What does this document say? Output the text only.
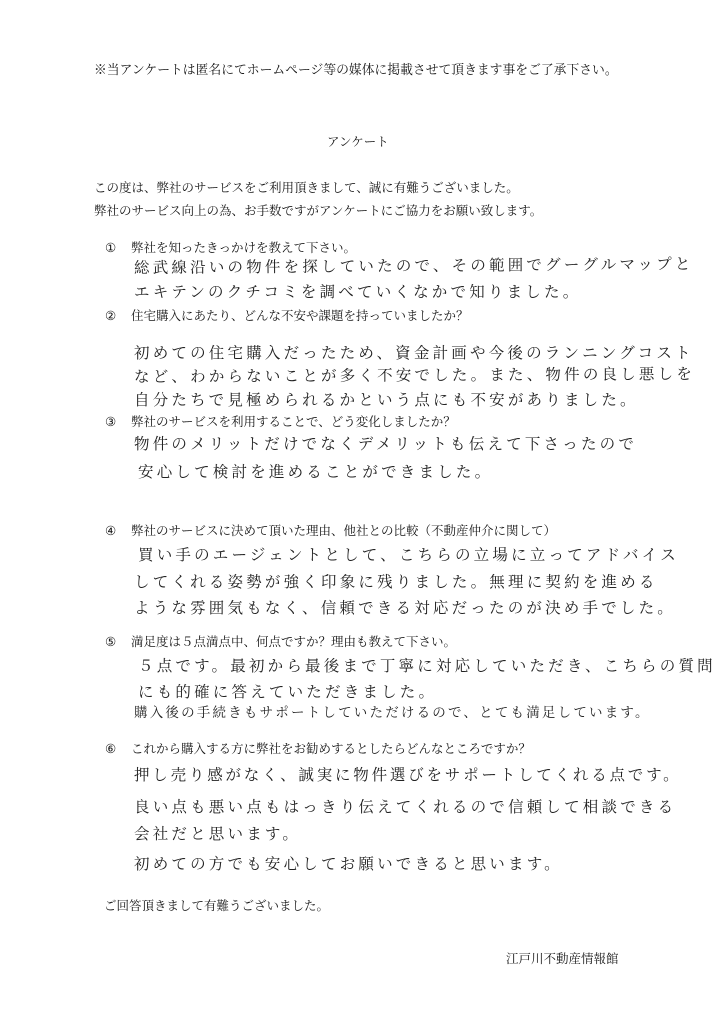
※当アンケートは匿名にてホームページ等の媒体に掲載させて頂きます事をご了承下さい。
アンケート
この度は、弊社のサービスをご利用頂きまして、誠に有難うございました。
弊社のサービス向上の為、お手数ですがアンケートにご協力をお願い致します。
① 弊社を知ったきっかけを教えて下さい。
総武線沿いの物件を探していたので、その範囲でグーグルマップと
エキテンのクチコミを調べていくなかで知りました。
② 住宅購入にあたり、どんな不安や課題を持っていましたか？
初めての住宅購入だったため、資金計画や今後のランニングコスト
など、わからないことが多く不安でした。また、物件の良し悪しを
自分たちで見極められるかという点にも不安がありました。
③ 弊社のサービスを利用することで、どう変化しましたか？
物件のメリットだけでなくデメリットも伝えて下さったので
安心して検討を進めることができました。
④ 弊社のサービスに決めて頂いた理由、他社との比較（不動産仲介に関して）
買い手のエージェントとして、こちらの立場に立ってアドバイス
してくれる姿勢が強く印象に残りました。無理に契約を進める
ような雰囲気もなく、信頼できる対応だったのが決め手でした。
⑤ 満足度は５点満点中、何点ですか？理由も教えて下さい。
５点です。最初から最後まで丁寧に対応していただき、こちらの質問
にも的確に答えていただきました。
購入後の手続きもサポートしていただけるので、とても満足しています。
⑥ これから購入する方に弊社をお勧めするとしたらどんなところですか？
押し売り感がなく、誠実に物件選びをサポートしてくれる点です。
良い点も悪い点もはっきり伝えてくれるので信頼して相談できる
会社だと思います。
初めての方でも安心してお願いできると思います。
ご回答頂きまして有難うございました。
江戸川不動産情報館
